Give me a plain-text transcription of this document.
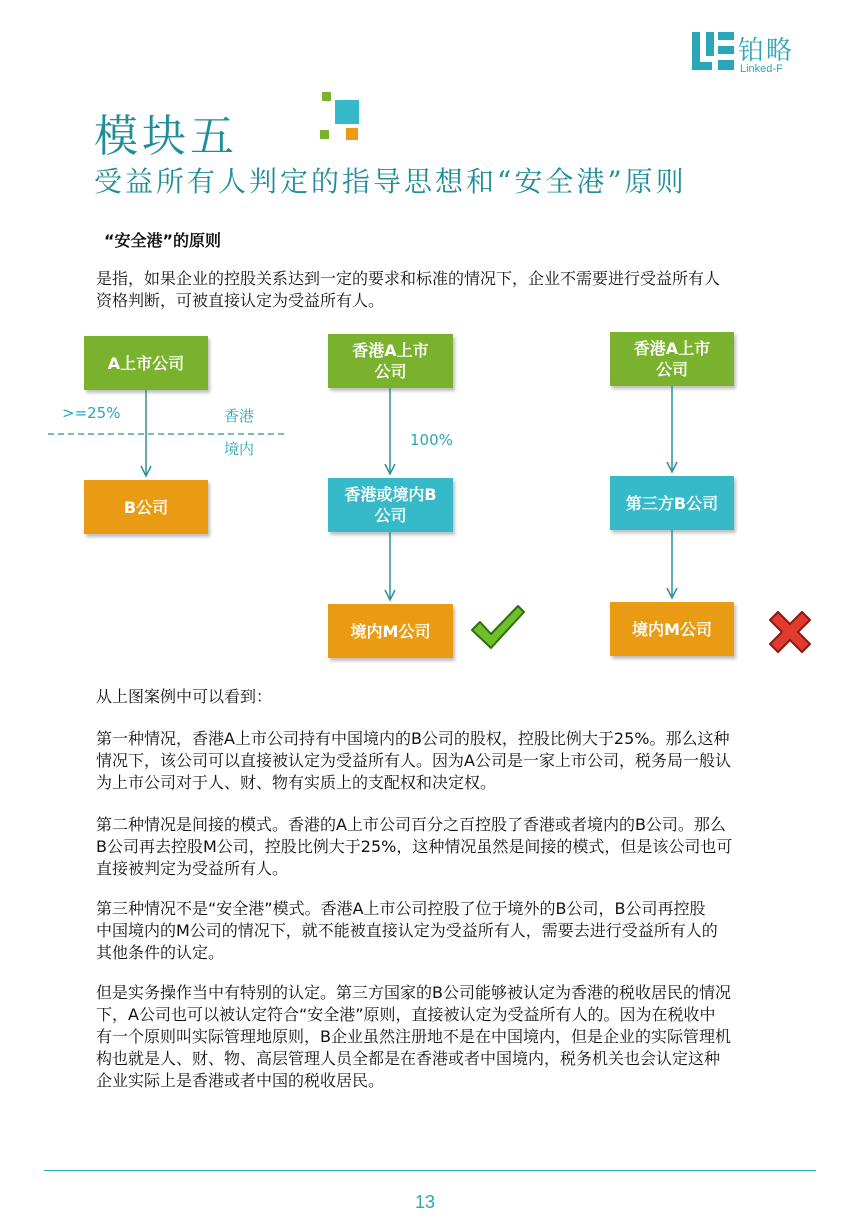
铂略
Linked-F
模块五
受益所有人判定的指导思想和“安全港”原则
“安全港”的原则
是指，如果企业的控股关系达到一定的要求和标准的情况下，企业不需要进行受益所有人
资格判断，可被直接认定为受益所有人。
A上市公司
>=25%	香港
境内
B公司
香港A上市
公司
100%
香港或境内B
公司
境内M公司
香港A上市
公司
第三方B公司
境内M公司
从上图案例中可以看到：
第一种情况，香港A上市公司持有中国境内的B公司的股权，控股比例大于25%。那么这种
情况下，该公司可以直接被认定为受益所有人。因为A公司是一家上市公司，税务局一般认
为上市公司对于人、财、物有实质上的支配权和决定权。
第二种情况是间接的模式。香港的A上市公司百分之百控股了香港或者境内的B公司。那么
B公司再去控股M公司，控股比例大于25%，这种情况虽然是间接的模式，但是该公司也可
直接被判定为受益所有人。
第三种情况不是“安全港”模式。香港A上市公司控股了位于境外的B公司，B公司再控股
中国境内的M公司的情况下，就不能被直接认定为受益所有人，需要去进行受益所有人的
其他条件的认定。
但是实务操作当中有特别的认定。第三方国家的B公司能够被认定为香港的税收居民的情况
下，A公司也可以被认定符合“安全港”原则，直接被认定为受益所有人的。因为在税收中
有一个原则叫实际管理地原则，B企业虽然注册地不是在中国境内，但是企业的实际管理机
构也就是人、财、物、高层管理人员全都是在香港或者中国境内，税务机关也会认定这种
企业实际上是香港或者中国的税收居民。
13
